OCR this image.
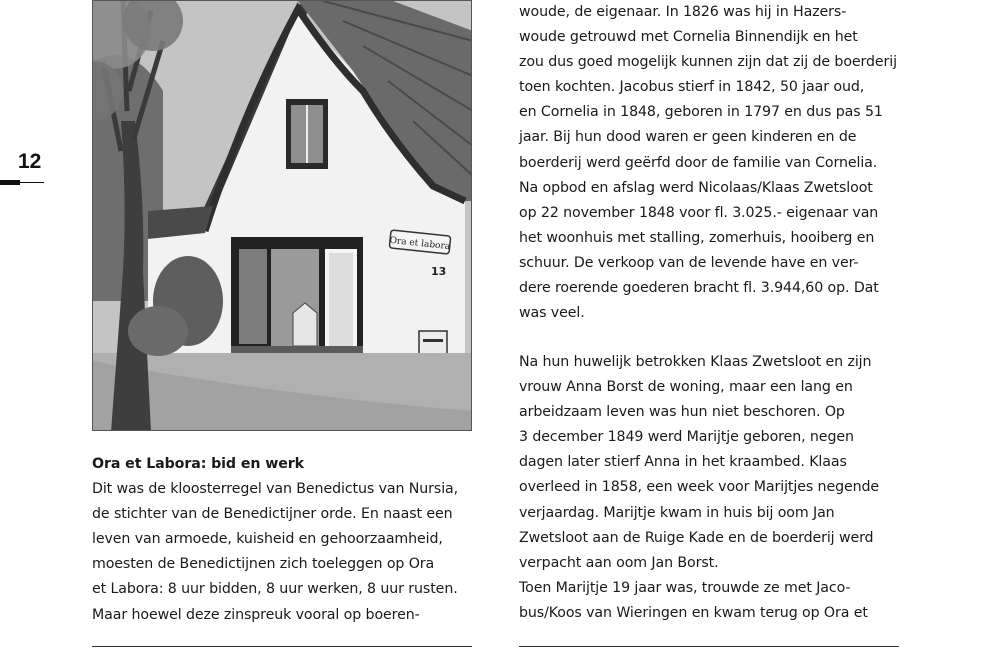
12
Ora et labora
13

Ora et Labora: bid en werk

Dit was de kloosterregel van Benedictus van Nursia,

de stichter van de Benedictijner orde. En naast een

leven van armoede, kuisheid en gehoorzaamheid,

moesten de Benedictijnen zich toeleggen op Ora

et Labora: 8 uur bidden, 8 uur werken, 8 uur rusten.

Maar hoewel deze zinspreuk vooral op boeren-

woude, de eigenaar. In 1826 was hij in Hazers-

woude getrouwd met Cornelia Binnendijk en het

zou dus goed mogelijk kunnen zijn dat zij de boerderij

toen kochten. Jacobus stierf in 1842, 50 jaar oud,

en Cornelia in 1848, geboren in 1797 en dus pas 51

jaar. Bij hun dood waren er geen kinderen en de

boerderij werd geërfd door de familie van Cornelia.

Na opbod en afslag werd Nicolaas/Klaas Zwetsloot

op 22 november 1848 voor fl. 3.025.- eigenaar van

het woonhuis met stalling, zomerhuis, hooiberg en

schuur. De verkoop van de levende have en ver-

dere roerende goederen bracht fl. 3.944,60 op. Dat

was veel.

Na hun huwelijk betrokken Klaas Zwetsloot en zijn

vrouw Anna Borst de woning, maar een lang en

arbeidzaam leven was hun niet beschoren. Op

3 december 1849 werd Marijtje geboren, negen

dagen later stierf Anna in het kraambed. Klaas

overleed in 1858, een week voor Marijtjes negende

verjaardag. Marijtje kwam in huis bij oom Jan

Zwetsloot aan de Ruige Kade en de boerderij werd

verpacht aan oom Jan Borst.

Toen Marijtje 19 jaar was, trouwde ze met Jaco-

bus/Koos van Wieringen en kwam terug op Ora et
